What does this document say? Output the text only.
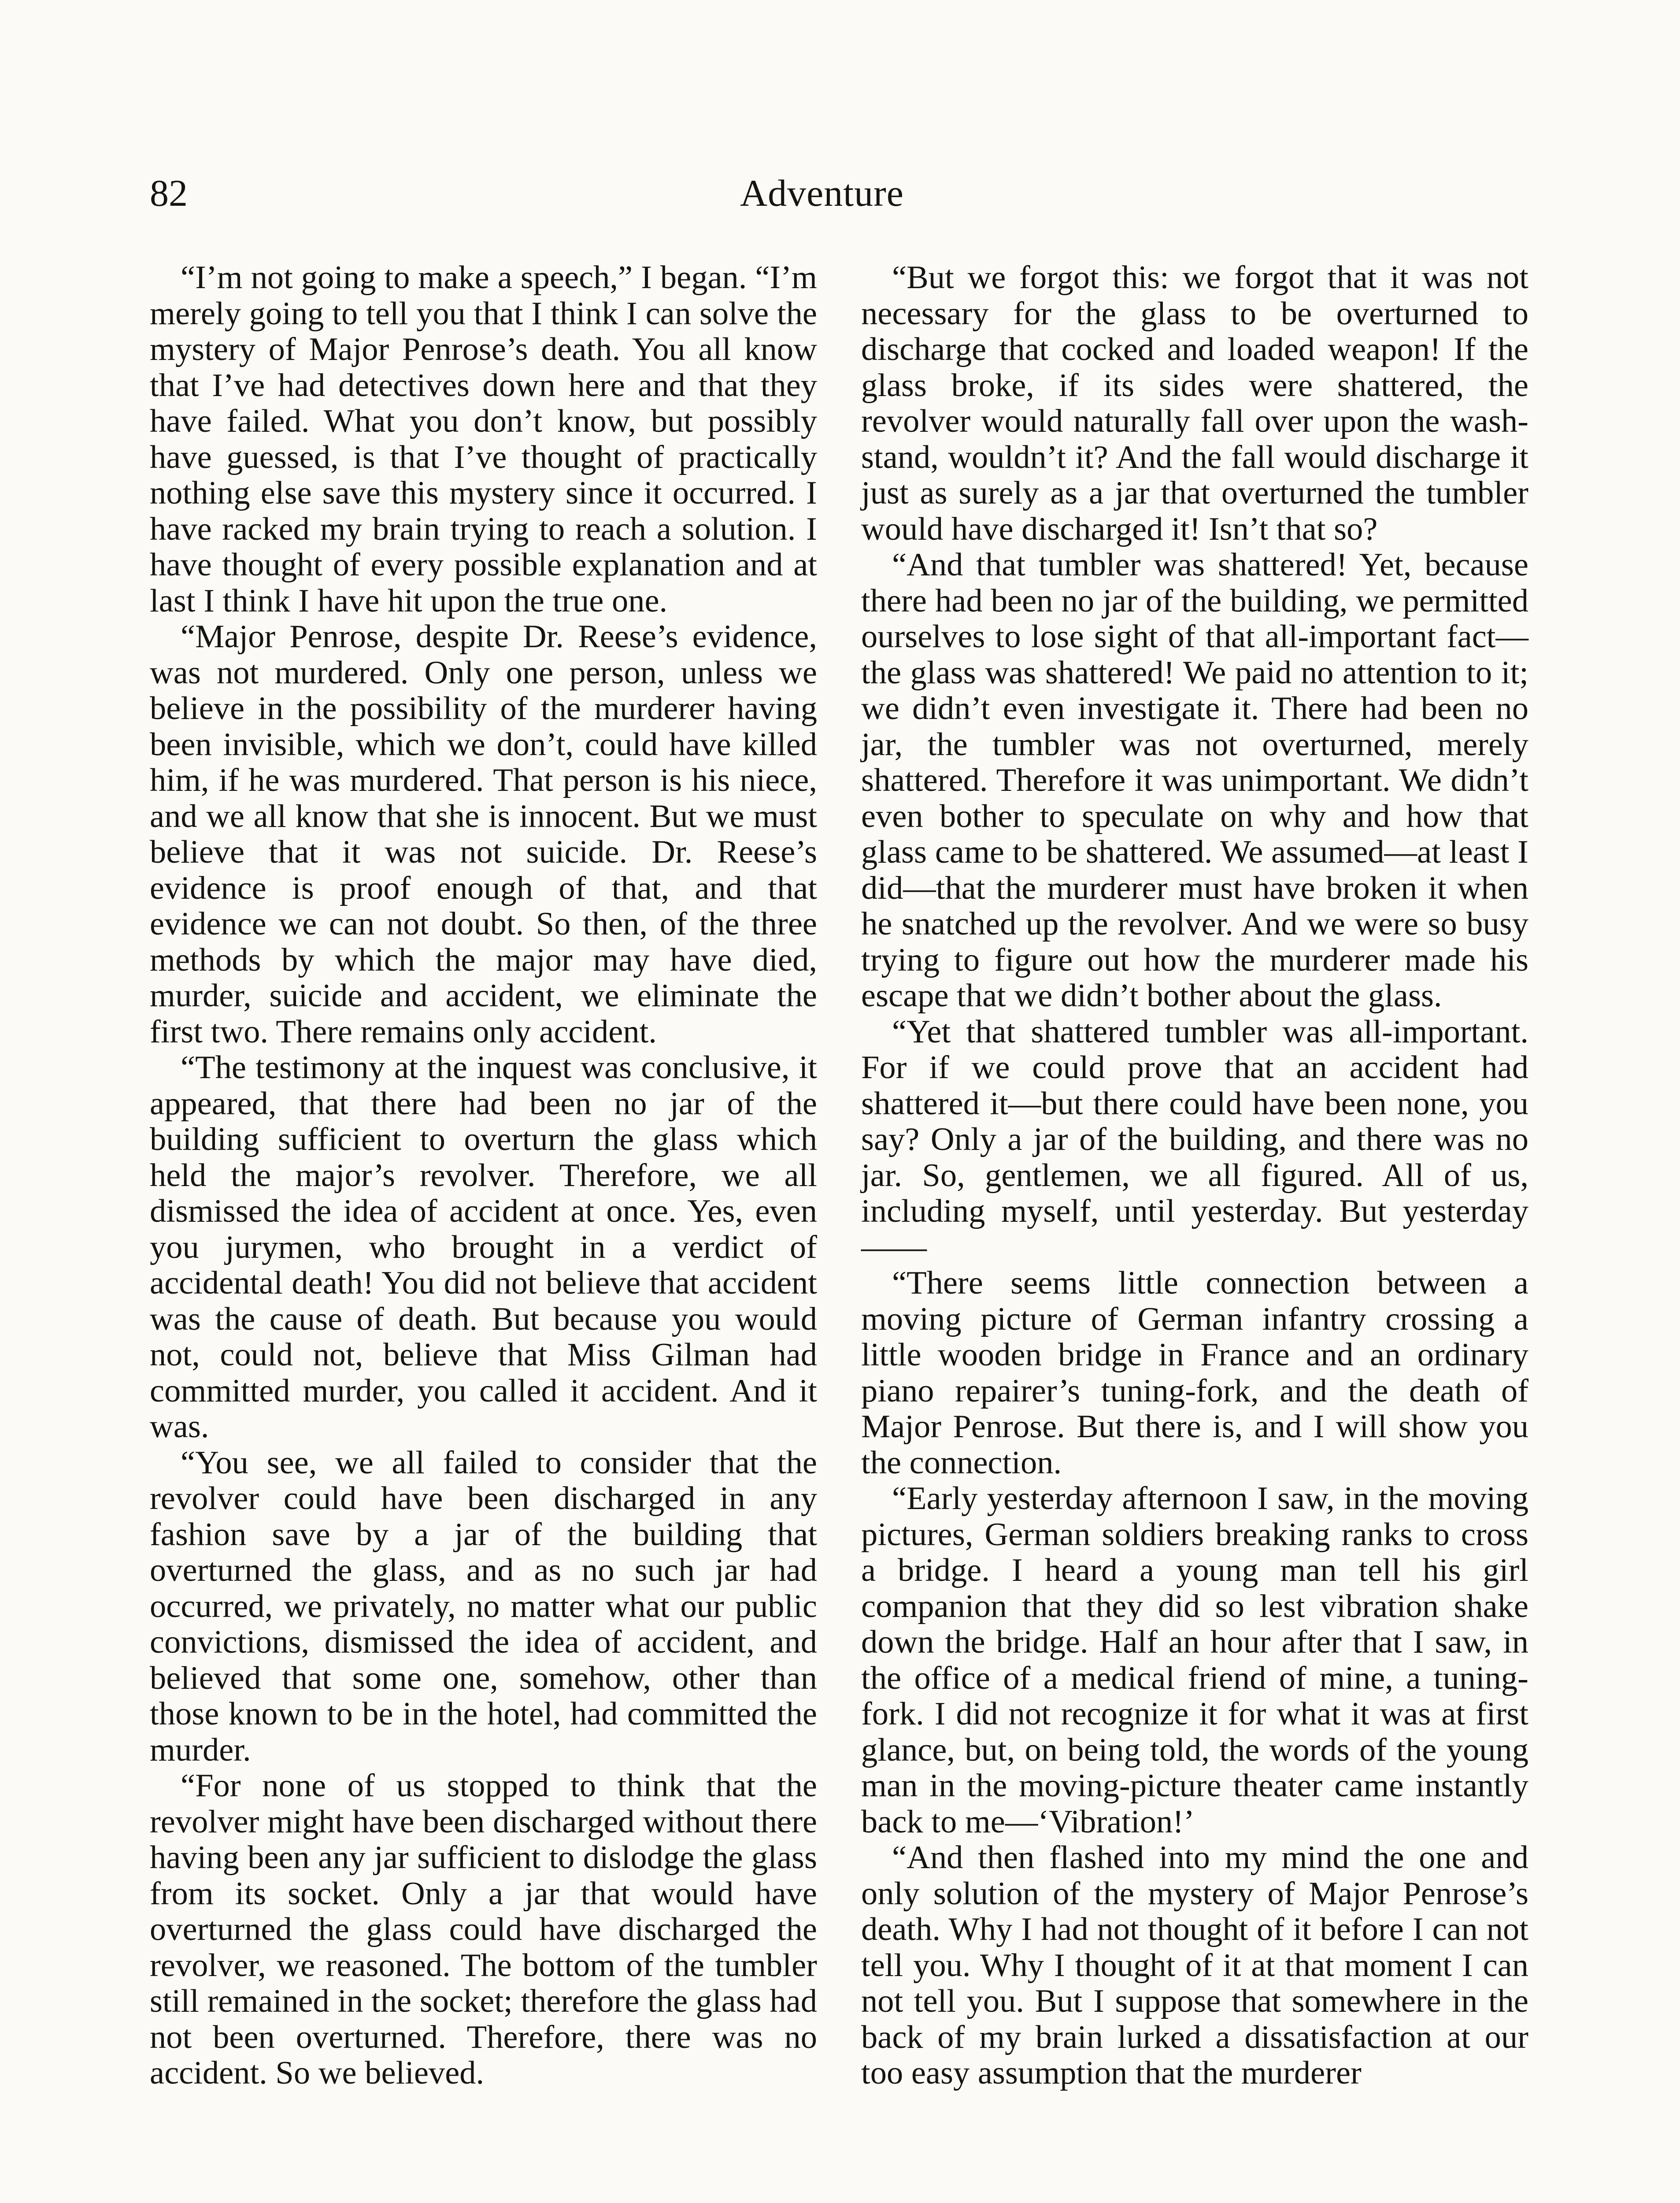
82	Adventure

“I’m not going to make a speech,” I began. “I’m merely going to tell you that I think I can solve the mystery of Major Penrose’s death. You all know that I’ve had detectives down here and that they have failed. What you don’t know, but possibly have guessed, is that I’ve thought of practically nothing else save this mystery since it occurred. I have racked my brain trying to reach a solution. I have thought of every possible explanation and at last I think I have hit upon the true one.

“Major Penrose, despite Dr. Reese’s evidence, was not murdered. Only one person, unless we believe in the possibility of the murderer having been invisible, which we don’t, could have killed him, if he was murdered. That person is his niece, and we all know that she is innocent. But we must believe that it was not suicide. Dr. Reese’s evidence is proof enough of that, and that evidence we can not doubt. So then, of the three methods by which the major may have died, murder, suicide and accident, we eliminate the first two. There remains only accident.

“The testimony at the inquest was conclusive, it appeared, that there had been no jar of the building sufficient to overturn the glass which held the major’s revolver. Therefore, we all dismissed the idea of accident at once. Yes, even you jurymen, who brought in a verdict of accidental death! You did not believe that accident was the cause of death. But because you would not, could not, believe that Miss Gilman had committed murder, you called it accident. And it was.

“You see, we all failed to consider that the revolver could have been discharged in any fashion save by a jar of the building that overturned the glass, and as no such jar had occurred, we privately, no matter what our public convictions, dismissed the idea of accident, and believed that some one, somehow, other than those known to be in the hotel, had committed the murder.

“For none of us stopped to think that the revolver might have been discharged without there having been any jar sufficient to dislodge the glass from its socket. Only a jar that would have overturned the glass could have discharged the revolver, we reasoned. The bottom of the tumbler still remained in the socket; therefore the glass had not been overturned. Therefore, there was no accident. So we believed.

“But we forgot this: we forgot that it was not necessary for the glass to be overturned to discharge that cocked and loaded weapon! If the glass broke, if its sides were shattered, the revolver would naturally fall over upon the wash-stand, wouldn’t it? And the fall would discharge it just as surely as a jar that overturned the tumbler would have discharged it! Isn’t that so?

“And that tumbler was shattered! Yet, because there had been no jar of the building, we permitted ourselves to lose sight of that all-important fact—the glass was shattered! We paid no attention to it; we didn’t even investigate it. There had been no jar, the tumbler was not overturned, merely shattered. Therefore it was unimportant. We didn’t even bother to speculate on why and how that glass came to be shattered. We assumed—at least I did—that the murderer must have broken it when he snatched up the revolver. And we were so busy trying to figure out how the murderer made his escape that we didn’t bother about the glass.

“Yet that shattered tumbler was all-important. For if we could prove that an accident had shattered it—but there could have been none, you say? Only a jar of the building, and there was no jar. So, gentlemen, we all figured. All of us, including myself, until yesterday. But yesterday——

“There seems little connection between a moving picture of German infantry crossing a little wooden bridge in France and an ordinary piano repairer’s tuning-fork, and the death of Major Penrose. But there is, and I will show you the connection.

“Early yesterday afternoon I saw, in the moving pictures, German soldiers breaking ranks to cross a bridge. I heard a young man tell his girl companion that they did so lest vibration shake down the bridge. Half an hour after that I saw, in the office of a medical friend of mine, a tuning-fork. I did not recognize it for what it was at first glance, but, on being told, the words of the young man in the moving-picture theater came instantly back to me—‘Vibration!’

“And then flashed into my mind the one and only solution of the mystery of Major Penrose’s death. Why I had not thought of it before I can not tell you. Why I thought of it at that moment I can not tell you. But I suppose that somewhere in the back of my brain lurked a dissatisfaction at our too easy assumption that the murderer
